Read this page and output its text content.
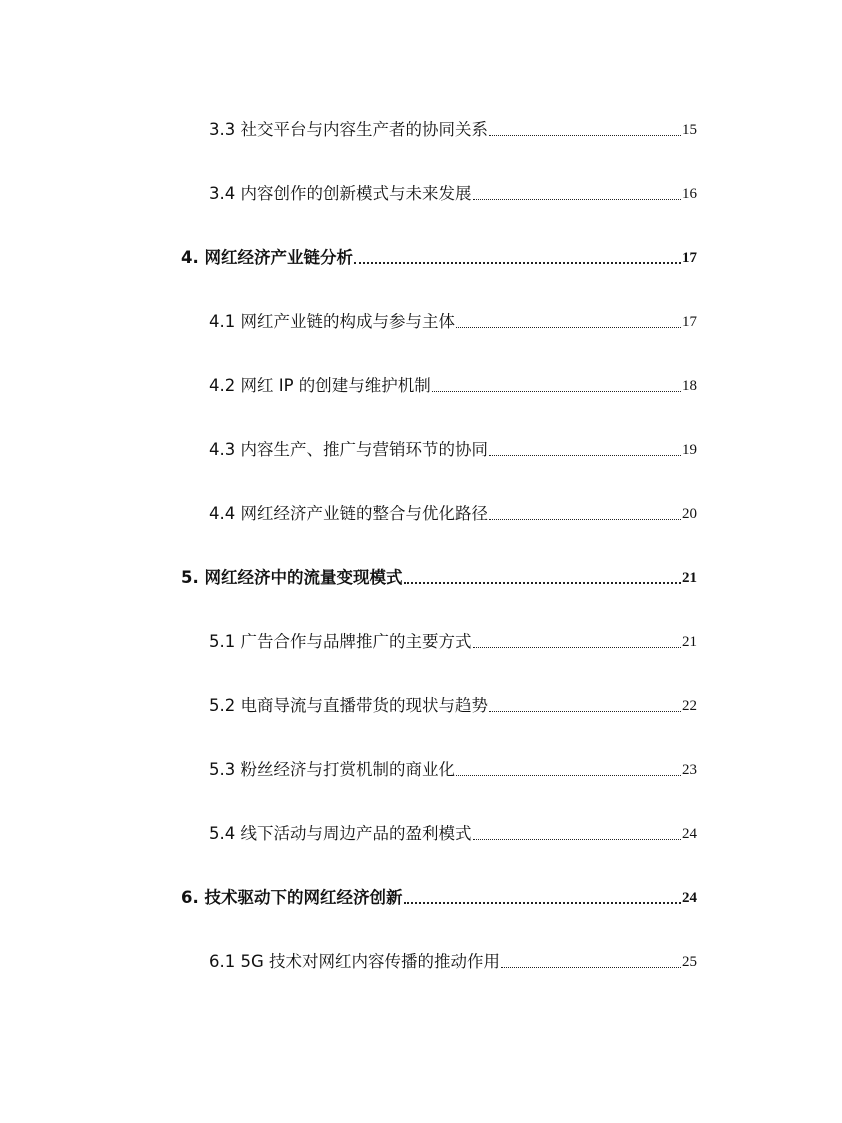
3.3 社交平台与内容生产者的协同关系	15
3.4 内容创作的创新模式与未来发展	16
4. 网红经济产业链分析	17
4.1 网红产业链的构成与参与主体	17
4.2 网红 IP 的创建与维护机制	18
4.3 内容生产、推广与营销环节的协同	19
4.4 网红经济产业链的整合与优化路径	20
5. 网红经济中的流量变现模式	21
5.1 广告合作与品牌推广的主要方式	21
5.2 电商导流与直播带货的现状与趋势	22
5.3 粉丝经济与打赏机制的商业化	23
5.4 线下活动与周边产品的盈利模式	24
6. 技术驱动下的网红经济创新	24
6.1 5G 技术对网红内容传播的推动作用	25
